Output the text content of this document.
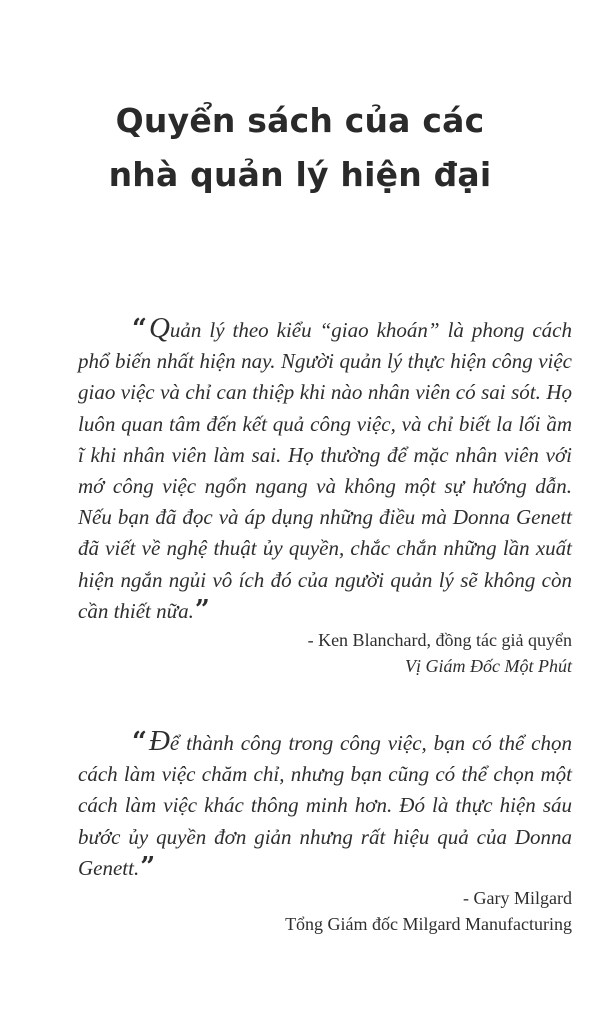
Quyển sách của các
nhà quản lý hiện đại

“Quản lý theo kiểu “giao khoán” là phong cách phổ biến nhất hiện nay. Người quản lý thực hiện công việc giao việc và chỉ can thiệp khi nào nhân viên có sai sót. Họ luôn quan tâm đến kết quả công việc, và chỉ biết la lối ầm ĩ khi nhân viên làm sai. Họ thường để mặc nhân viên với mớ công việc ngổn ngang và không một sự hướng dẫn. Nếu bạn đã đọc và áp dụng những điều mà Donna Genett đã viết về nghệ thuật ủy quyền, chắc chắn những lần xuất hiện ngắn ngủi vô ích đó của người quản lý sẽ không còn cần thiết nữa.”

- Ken Blanchard, đồng tác giả quyển
Vị Giám Đốc Một Phút

“Để thành công trong công việc, bạn có thể chọn cách làm việc chăm chỉ, nhưng bạn cũng có thể chọn một cách làm việc khác thông minh hơn. Đó là thực hiện sáu bước ủy quyền đơn giản nhưng rất hiệu quả của Donna Genett.”

- Gary Milgard
Tổng Giám đốc Milgard Manufacturing
